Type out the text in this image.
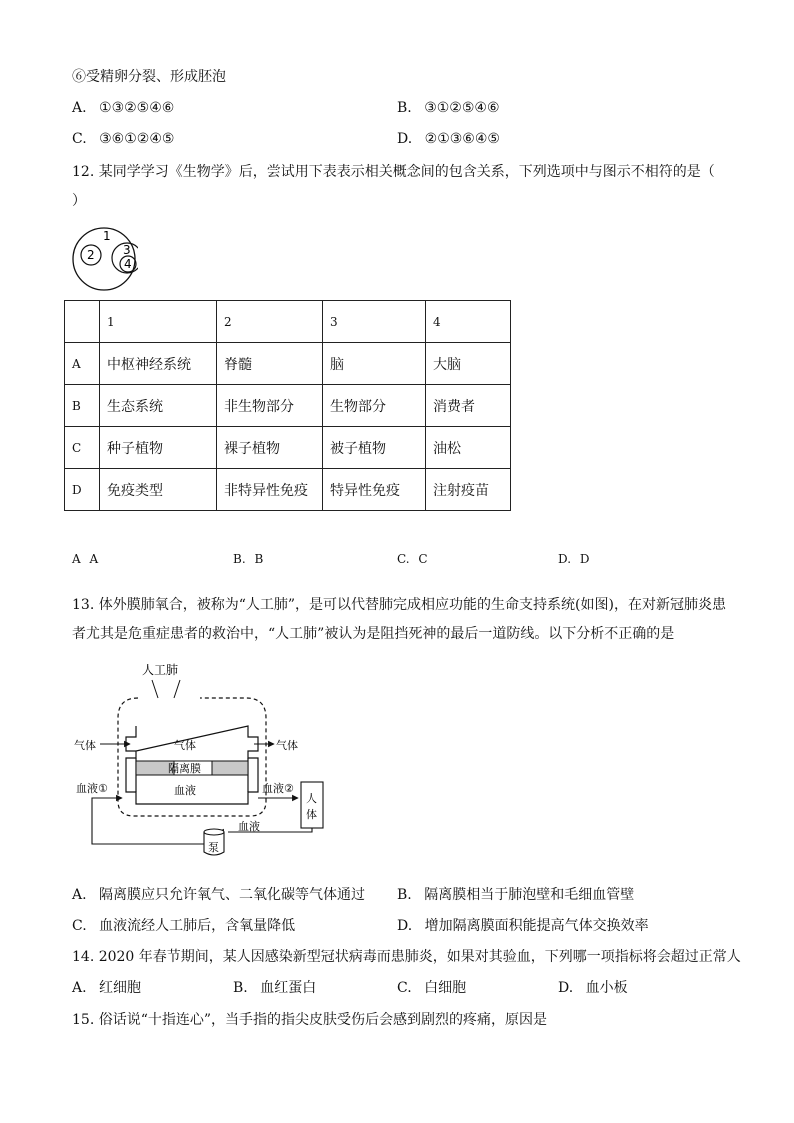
⑥受精卵分裂、形成胚泡
A. ①③②⑤④⑥	B. ③①②⑤④⑥
C. ③⑥①②④⑤	D. ②①③⑥④⑤
12. 某同学学习《生物学》后，尝试用下表表示相关概念间的包含关系，下列选项中与图示不相符的是（
）
1
2 3
4
	1	2	3	4
A	中枢神经系统	脊髓	脑	大脑
B	生态系统	非生物部分	生物部分	消费者
C	种子植物	裸子植物	被子植物	油松
D	免疫类型	非特异性免疫	特异性免疫	注射疫苗
A A	B. B	C. C	D. D
13. 体外膜肺氧合，被称为“人工肺”，是可以代替肺完成相应功能的生命支持系统(如图)，在对新冠肺炎患
者尤其是危重症患者的救治中，“人工肺”被认为是阻挡死神的最后一道防线。以下分析不正确的是
人工肺
隔离膜
气体
血液
气体	气体
血液①	血液②
人
体
血液
泵
A. 隔离膜应只允许氧气、二氧化碳等气体通过 B. 隔离膜相当于肺泡壁和毛细血管壁
C. 血液流经人工肺后，含氧量降低	D. 增加隔离膜面积能提高气体交换效率
14. 2020 年春节期间，某人因感染新型冠状病毒而患肺炎，如果对其验血，下列哪一项指标将会超过正常人
A. 红细胞	B. 血红蛋白	C. 白细胞	D. 血小板
15. 俗话说“十指连心”，当手指的指尖皮肤受伤后会感到剧烈的疼痛，原因是
